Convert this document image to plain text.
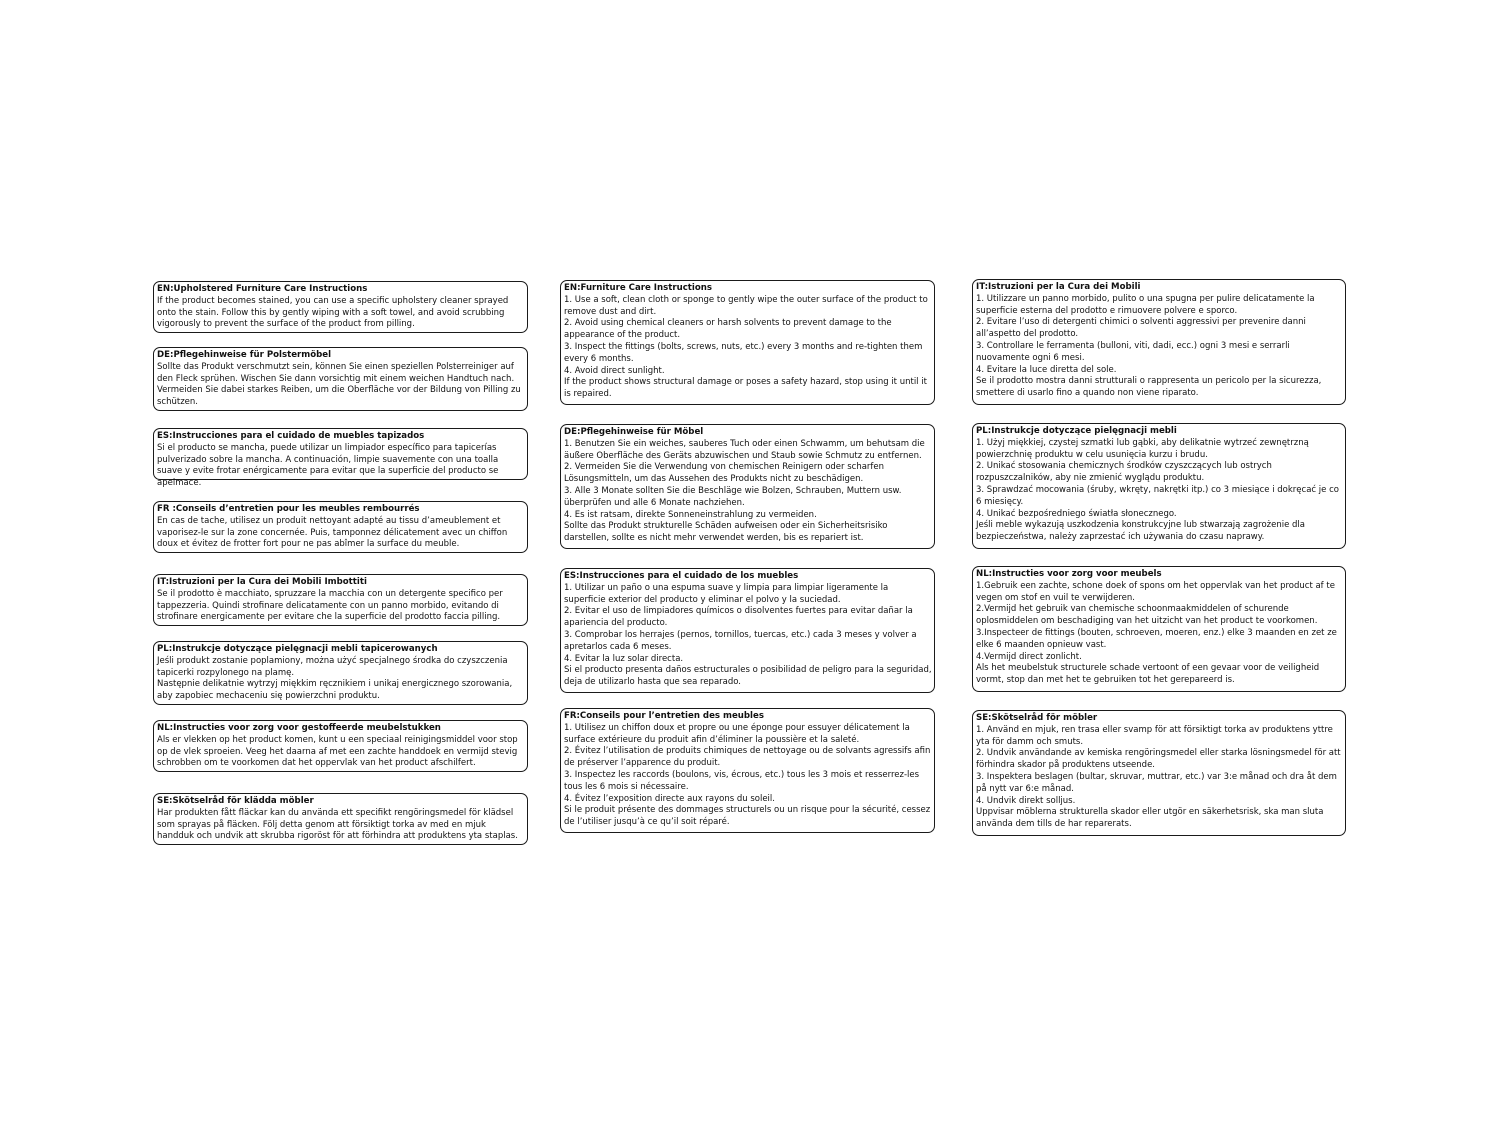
EN:Upholstered Furniture Care Instructions

If the product becomes stained, you can use a specific upholstery cleaner sprayed onto the stain. Follow this by gently wiping with a soft towel, and avoid scrubbing vigorously to prevent the surface of the product from pilling.

DE:Pflegehinweise für Polstermöbel

Sollte das Produkt verschmutzt sein, können Sie einen speziellen Polsterreiniger auf den Fleck sprühen. Wischen Sie dann vorsichtig mit einem weichen Handtuch nach. Vermeiden Sie dabei starkes Reiben, um die Oberfläche vor der Bildung von Pilling zu schützen.

ES:Instrucciones para el cuidado de muebles tapizados

Si el producto se mancha, puede utilizar un limpiador específico para tapicerías pulverizado sobre la mancha. A continuación, limpie suavemente con una toalla suave y evite frotar enérgicamente para evitar que la superficie del producto se apelmace.

FR :Conseils d’entretien pour les meubles rembourrés

En cas de tache, utilisez un produit nettoyant adapté au tissu d’ameublement et vaporisez-le sur la zone concernée. Puis, tamponnez délicatement avec un chiffon doux et évitez de frotter fort pour ne pas abîmer la surface du meuble.

IT:Istruzioni per la Cura dei Mobili Imbottiti

Se il prodotto è macchiato, spruzzare la macchia con un detergente specifico per tappezzeria. Quindi strofinare delicatamente con un panno morbido, evitando di strofinare energicamente per evitare che la superficie del prodotto faccia pilling.

PL:Instrukcje dotyczące pielęgnacji mebli tapicerowanych

Jeśli produkt zostanie poplamiony, można użyć specjalnego środka do czyszczenia tapicerki rozpylonego na plamę.
Następnie delikatnie wytrzyj miękkim ręcznikiem i unikaj energicznego szorowania, aby zapobiec mechaceniu się powierzchni produktu.

NL:Instructies voor zorg voor gestoffeerde meubelstukken

Als er vlekken op het product komen, kunt u een speciaal reinigingsmiddel voor stop op de vlek sproeien. Veeg het daarna af met een zachte handdoek en vermijd stevig schrobben om te voorkomen dat het oppervlak van het product afschilfert.

SE:Skötselråd för klädda möbler

Har produkten fått fläckar kan du använda ett specifikt rengöringsmedel för klädsel som sprayas på fläcken. Följ detta genom att försiktigt torka av med en mjuk handduk och undvik att skrubba rigoröst för att förhindra att produktens yta staplas.

EN:Furniture Care Instructions

1. Use a soft, clean cloth or sponge to gently wipe the outer surface of the product to remove dust and dirt.
2. Avoid using chemical cleaners or harsh solvents to prevent damage to the appearance of the product.
3. Inspect the fittings (bolts, screws, nuts, etc.) every 3 months and re-tighten them every 6 months.
4. Avoid direct sunlight.
If the product shows structural damage or poses a safety hazard, stop using it until it is repaired.

DE:Pflegehinweise für Möbel

1. Benutzen Sie ein weiches, sauberes Tuch oder einen Schwamm, um behutsam die äußere Oberfläche des Geräts abzuwischen und Staub sowie Schmutz zu entfernen.
2. Vermeiden Sie die Verwendung von chemischen Reinigern oder scharfen Lösungsmitteln, um das Aussehen des Produkts nicht zu beschädigen.
3. Alle 3 Monate sollten Sie die Beschläge wie Bolzen, Schrauben, Muttern usw. überprüfen und alle 6 Monate nachziehen.
4. Es ist ratsam, direkte Sonneneinstrahlung zu vermeiden.
Sollte das Produkt strukturelle Schäden aufweisen oder ein Sicherheitsrisiko darstellen, sollte es nicht mehr verwendet werden, bis es repariert ist.

ES:Instrucciones para el cuidado de los muebles

1. Utilizar un paño o una espuma suave y limpia para limpiar ligeramente la superficie exterior del producto y eliminar el polvo y la suciedad.
2. Evitar el uso de limpiadores químicos o disolventes fuertes para evitar dañar la apariencia del producto.
3. Comprobar los herrajes (pernos, tornillos, tuercas, etc.) cada 3 meses y volver a apretarlos cada 6 meses.
4. Evitar la luz solar directa.
Si el producto presenta daños estructurales o posibilidad de peligro para la seguridad, deja de utilizarlo hasta que sea reparado.

FR:Conseils pour l’entretien des meubles

1. Utilisez un chiffon doux et propre ou une éponge pour essuyer délicatement la surface extérieure du produit afin d’éliminer la poussière et la saleté.
2. Évitez l’utilisation de produits chimiques de nettoyage ou de solvants agressifs afin de préserver l’apparence du produit.
3. Inspectez les raccords (boulons, vis, écrous, etc.) tous les 3 mois et resserrez-les tous les 6 mois si nécessaire.
4. Évitez l’exposition directe aux rayons du soleil.
Si le produit présente des dommages structurels ou un risque pour la sécurité, cessez de l’utiliser jusqu’à ce qu’il soit réparé.

IT:Istruzioni per la Cura dei Mobili

1. Utilizzare un panno morbido, pulito o una spugna per pulire delicatamente la superficie esterna del prodotto e rimuovere polvere e sporco.
2. Evitare l’uso di detergenti chimici o solventi aggressivi per prevenire danni all’aspetto del prodotto.
3. Controllare le ferramenta (bulloni, viti, dadi, ecc.) ogni 3 mesi e serrarli nuovamente ogni 6 mesi.
4. Evitare la luce diretta del sole.
Se il prodotto mostra danni strutturali o rappresenta un pericolo per la sicurezza, smettere di usarlo fino a quando non viene riparato.

PL:Instrukcje dotyczące pielęgnacji mebli

1. Użyj miękkiej, czystej szmatki lub gąbki, aby delikatnie wytrzeć zewnętrzną powierzchnię produktu w celu usunięcia kurzu i brudu.
2. Unikać stosowania chemicznych środków czyszczących lub ostrych rozpuszczalników, aby nie zmienić wyglądu produktu.
3. Sprawdzać mocowania (śruby, wkręty, nakrętki itp.) co 3 miesiące i dokręcać je co 6 miesięcy.
4. Unikać bezpośredniego światła słonecznego.
Jeśli meble wykazują uszkodzenia konstrukcyjne lub stwarzają zagrożenie dla bezpieczeństwa, należy zaprzestać ich używania do czasu naprawy.

NL:Instructies voor zorg voor meubels

1.Gebruik een zachte, schone doek of spons om het oppervlak van het product af te vegen om stof en vuil te verwijderen.
2.Vermijd het gebruik van chemische schoonmaakmiddelen of schurende oplosmiddelen om beschadiging van het uitzicht van het product te voorkomen.
3.Inspecteer de fittings (bouten, schroeven, moeren, enz.) elke 3 maanden en zet ze elke 6 maanden opnieuw vast.
4.Vermijd direct zonlicht.
Als het meubelstuk structurele schade vertoont of een gevaar voor de veiligheid vormt, stop dan met het te gebruiken tot het gerepareerd is.

SE:Skötselråd för möbler

1. Använd en mjuk, ren trasa eller svamp för att försiktigt torka av produktens yttre yta för damm och smuts.
2. Undvik användande av kemiska rengöringsmedel eller starka lösningsmedel för att förhindra skador på produktens utseende.
3. Inspektera beslagen (bultar, skruvar, muttrar, etc.) var 3:e månad och dra åt dem på nytt var 6:e månad.
4. Undvik direkt solljus.
Uppvisar möblerna strukturella skador eller utgör en säkerhetsrisk, ska man sluta använda dem tills de har reparerats.
